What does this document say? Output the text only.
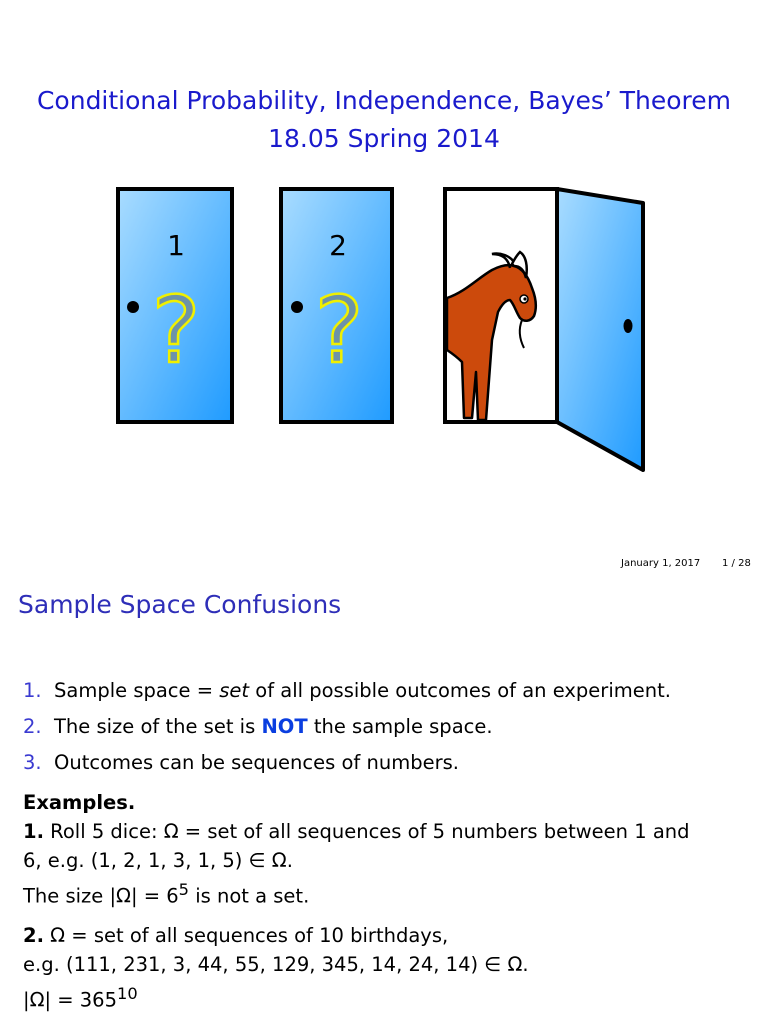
Conditional Probability, Independence, Bayes’ Theorem
18.05 Spring 2014
1
?
2
?
January 1, 2017 1 / 28
Sample Space Confusions
1. Sample space = set of all possible outcomes of an experiment.
2. The size of the set is NOT the sample space.
3. Outcomes can be sequences of numbers.

Examples.

1. Roll 5 dice: Ω = set of all sequences of 5 numbers between 1 and

6, e.g. (1, 2, 1, 3, 1, 5) ∈ Ω.

The size $|\Omega| = 6^5$ is not a set.

2. Ω = set of all sequences of 10 birthdays,

e.g. (111, 231, 3, 44, 55, 129, 345, 14, 24, 14) ∈ Ω.

$|\Omega| = 365^{10}$
